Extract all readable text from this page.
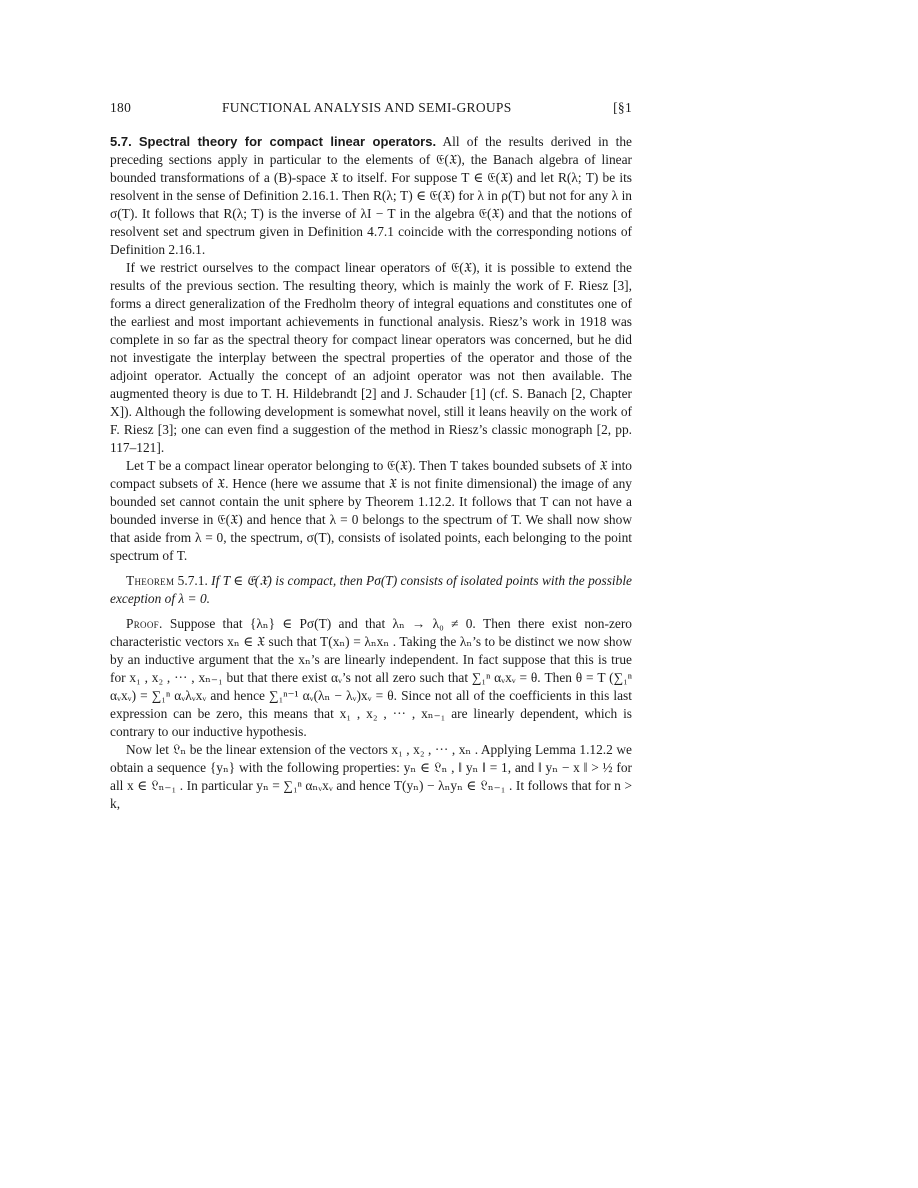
180	FUNCTIONAL ANALYSIS AND SEMI-GROUPS	[§1

5.7. Spectral theory for compact linear operators. All of the results derived in the preceding sections apply in particular to the elements of 𝔈(𝔛), the Banach algebra of linear bounded transformations of a (B)-space 𝔛 to itself. For suppose T ∈ 𝔈(𝔛) and let R(λ; T) be its resolvent in the sense of Definition 2.16.1. Then R(λ; T) ∈ 𝔈(𝔛) for λ in ρ(T) but not for any λ in σ(T). It follows that R(λ; T) is the inverse of λI − T in the algebra 𝔈(𝔛) and that the notions of resolvent set and spectrum given in Definition 4.7.1 coincide with the corresponding notions of Definition 2.16.1.

If we restrict ourselves to the compact linear operators of 𝔈(𝔛), it is possible to extend the results of the previous section. The resulting theory, which is mainly the work of F. Riesz [3], forms a direct generalization of the Fredholm theory of integral equations and constitutes one of the earliest and most important achievements in functional analysis. Riesz’s work in 1918 was complete in so far as the spectral theory for compact linear operators was concerned, but he did not investigate the interplay between the spectral properties of the operator and those of the adjoint operator. Actually the concept of an adjoint operator was not then available. The augmented theory is due to T. H. Hildebrandt [2] and J. Schauder [1] (cf. S. Banach [2, Chapter X]). Although the following development is somewhat novel, still it leans heavily on the work of F. Riesz [3]; one can even find a suggestion of the method in Riesz’s classic monograph [2, pp. 117–121].

Let T be a compact linear operator belonging to 𝔈(𝔛). Then T takes bounded subsets of 𝔛 into compact subsets of 𝔛. Hence (here we assume that 𝔛 is not finite dimensional) the image of any bounded set cannot contain the unit sphere by Theorem 1.12.2. It follows that T can not have a bounded inverse in 𝔈(𝔛) and hence that λ = 0 belongs to the spectrum of T. We shall now show that aside from λ = 0, the spectrum, σ(T), consists of isolated points, each belonging to the point spectrum of T.

Theorem 5.7.1. If T ∈ 𝔈(𝔛) is compact, then Pσ(T) consists of isolated points with the possible exception of λ = 0.

Proof. Suppose that {λₙ} ∈ Pσ(T) and that λₙ → λ₀ ≠ 0. Then there exist non-zero characteristic vectors xₙ ∈ 𝔛 such that T(xₙ) = λₙxₙ . Taking the λₙ’s to be distinct we now show by an inductive argument that the xₙ’s are linearly independent. In fact suppose that this is true for x₁ , x₂ , ··· , xₙ₋₁ but that there exist αᵥ’s not all zero such that ∑₁ⁿ αᵥxᵥ = θ. Then θ = T (∑₁ⁿ αᵥxᵥ) = ∑₁ⁿ αᵥλᵥxᵥ and hence ∑₁ⁿ⁻¹ αᵥ(λₙ − λᵥ)xᵥ = θ. Since not all of the coefficients in this last expression can be zero, this means that x₁ , x₂ , ··· , xₙ₋₁ are linearly dependent, which is contrary to our inductive hypothesis.

Now let 𝔏ₙ be the linear extension of the vectors x₁ , x₂ , ··· , xₙ . Applying Lemma 1.12.2 we obtain a sequence {yₙ} with the following properties: yₙ ∈ 𝔏ₙ , ‖ yₙ ‖ = 1, and ‖ yₙ − x ‖ > ½ for all x ∈ 𝔏ₙ₋₁ . In particular yₙ = ∑₁ⁿ αₙᵥxᵥ and hence T(yₙ) − λₙyₙ ∈ 𝔏ₙ₋₁ . It follows that for n > k,
